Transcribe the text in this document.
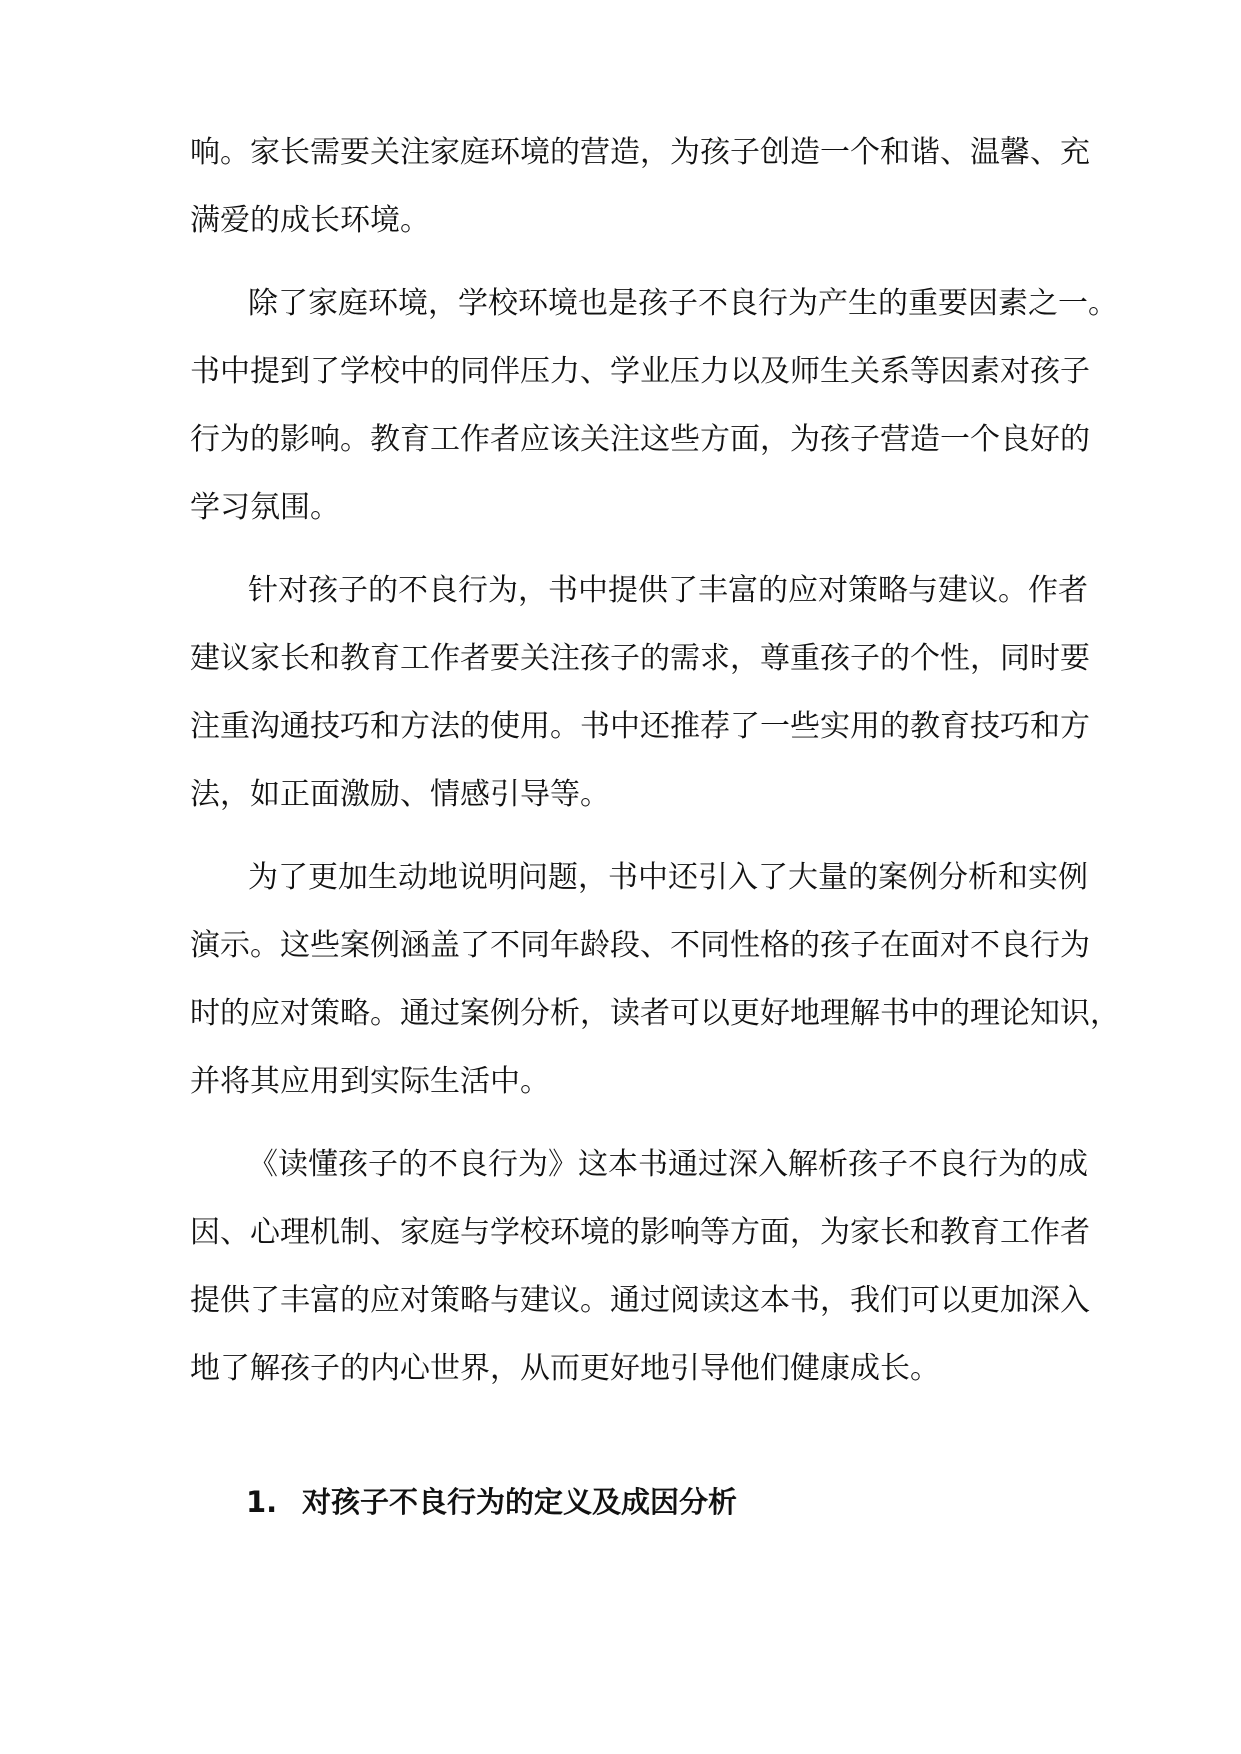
响。家长需要关注家庭环境的营造，为孩子创造一个和谐、温馨、充

满爱的成长环境。

除了家庭环境，学校环境也是孩子不良行为产生的重要因素之一。

书中提到了学校中的同伴压力、学业压力以及师生关系等因素对孩子

行为的影响。教育工作者应该关注这些方面，为孩子营造一个良好的

学习氛围。

针对孩子的不良行为，书中提供了丰富的应对策略与建议。作者

建议家长和教育工作者要关注孩子的需求，尊重孩子的个性，同时要

注重沟通技巧和方法的使用。书中还推荐了一些实用的教育技巧和方

法，如正面激励、情感引导等。

为了更加生动地说明问题，书中还引入了大量的案例分析和实例

演示。这些案例涵盖了不同年龄段、不同性格的孩子在面对不良行为

时的应对策略。通过案例分析，读者可以更好地理解书中的理论知识，

并将其应用到实际生活中。

《读懂孩子的不良行为》这本书通过深入解析孩子不良行为的成

因、心理机制、家庭与学校环境的影响等方面，为家长和教育工作者

提供了丰富的应对策略与建议。通过阅读这本书，我们可以更加深入

地了解孩子的内心世界，从而更好地引导他们健康成长。

1. 对孩子不良行为的定义及成因分析
